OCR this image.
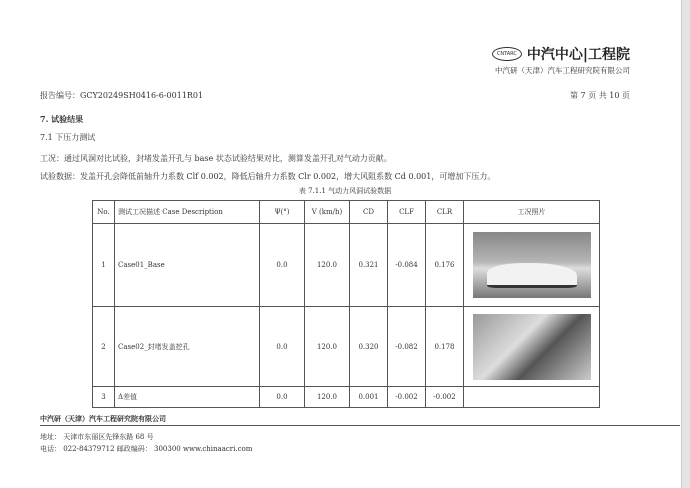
CNTARC 中汽中心|工程院
中汽研（天津）汽车工程研究院有限公司
报告编号：GCY20249SH0416-6-0011R01	第 7 页 共 10 页
7. 试验结果
7.1 下压力测试
工况：通过风洞对比试验，封堵发盖开孔与 base 状态试验结果对比，测算发盖开孔对气动力贡献。
试验数据：发盖开孔会降低前轴升力系数 Clf 0.002，降低后轴升力系数 Clr 0.002，增大风阻系数 Cd 0.001，可增加下压力。
表 7.1.1 气动力风洞试验数据
No.	测试工况描述 Case Description	Ψ(°)	V (km/h)	CD	CLF	CLR	工况照片
1	Case01_Base	0.0	120.0	0.321	-0.084	0.176	

2	Case02_封堵发盖挖孔	0.0	120.0	0.320	-0.082	0.178	

3	Δ差值	0.0	120.0	0.001	-0.002	-0.002	
中汽研（天津）汽车工程研究院有限公司
地址： 天津市东丽区先锋东路 68 号
电话： 022-84379712 邮政编码： 300300 www.chinaacri.com
